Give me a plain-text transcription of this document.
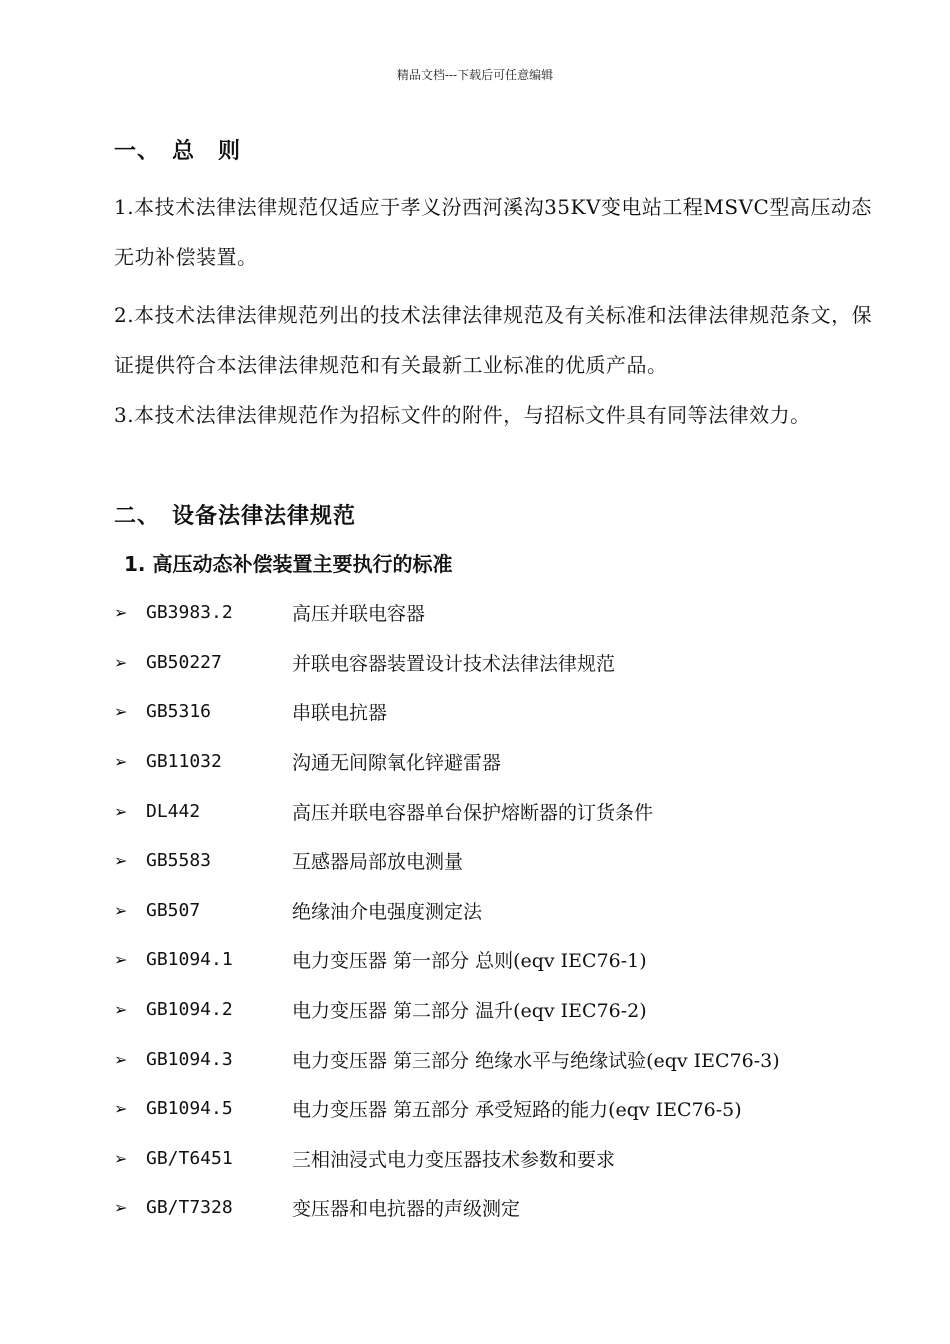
精品文档---下载后可任意编辑
一、 总　则
1.本技术法律法律规范仅适应于孝义汾西河溪沟35KV变电站工程MSVC型高压动态无功补偿装置。
2.本技术法律法律规范列出的技术法律法律规范及有关标准和法律法律规范条文，保证提供符合本法律法律规范和有关最新工业标准的优质产品。
3.本技术法律法律规范作为招标文件的附件，与招标文件具有同等法律效力。
二、 设备法律法律规范
1. 高压动态补偿装置主要执行的标准
➢	GB3983.2	高压并联电容器
➢	GB50227	并联电容器装置设计技术法律法律规范
➢	GB5316	串联电抗器
➢	GB11032	沟通无间隙氧化锌避雷器
➢	DL442	高压并联电容器单台保护熔断器的订货条件
➢	GB5583	互感器局部放电测量
➢	GB507	绝缘油介电强度测定法
➢	GB1094.1	电力变压器 第一部分 总则(eqv IEC76-1)
➢	GB1094.2	电力变压器 第二部分 温升(eqv IEC76-2)
➢	GB1094.3	电力变压器 第三部分 绝缘水平与绝缘试验(eqv IEC76-3)
➢	GB1094.5	电力变压器 第五部分 承受短路的能力(eqv IEC76-5)
➢	GB/T6451	三相油浸式电力变压器技术参数和要求
➢	GB/T7328	变压器和电抗器的声级测定
